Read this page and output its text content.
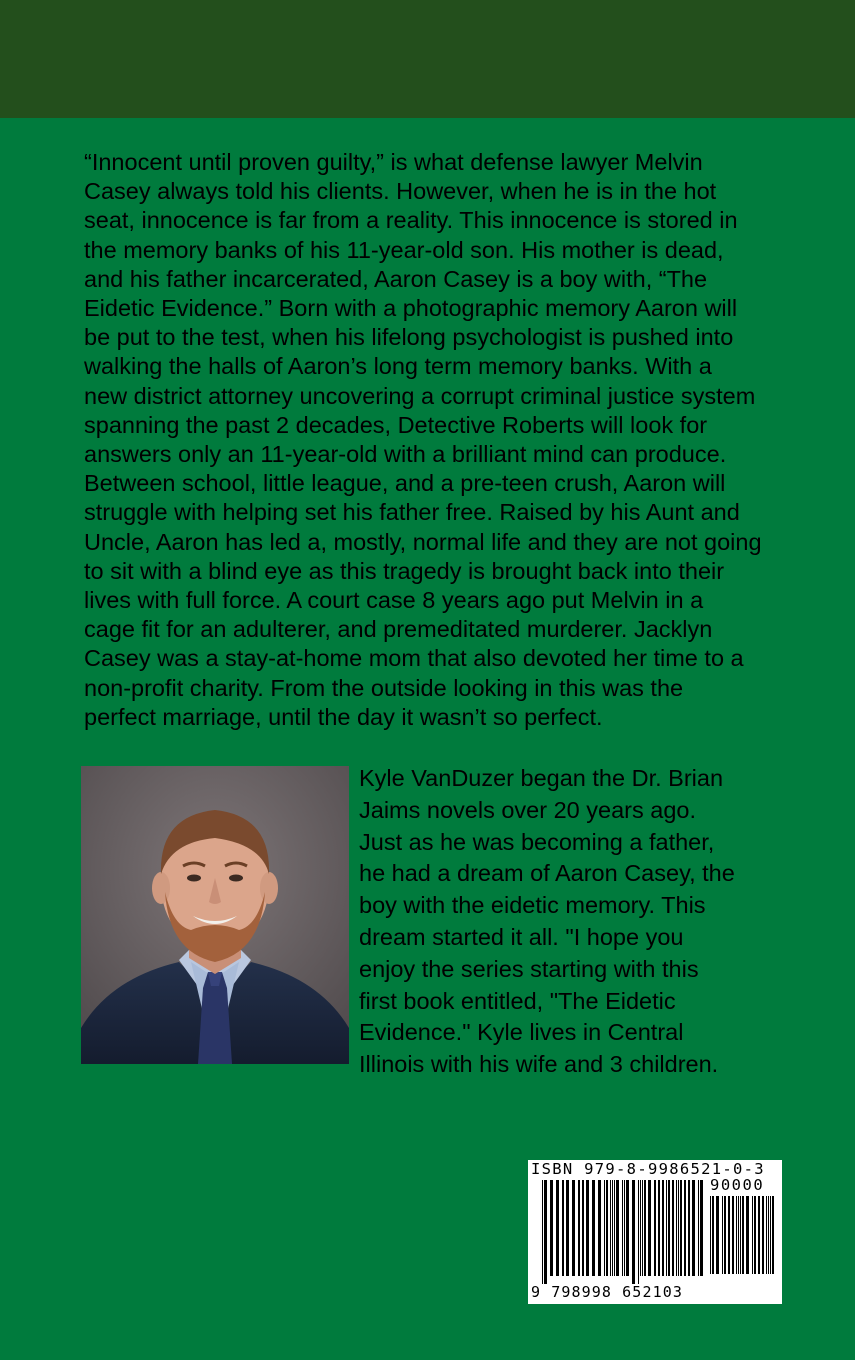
“Innocent until proven guilty,” is what defense lawyer Melvin
Casey always told his clients. However, when he is in the hot
seat, innocence is far from a reality. This innocence is stored in
the memory banks of his 11-year-old son. His mother is dead,
and his father incarcerated, Aaron Casey is a boy with, “The
Eidetic Evidence.” Born with a photographic memory Aaron will
be put to the test, when his lifelong psychologist is pushed into
walking the halls of Aaron’s long term memory banks. With a
new district attorney uncovering a corrupt criminal justice system
spanning the past 2 decades, Detective Roberts will look for
answers only an 11-year-old with a brilliant mind can produce.
Between school, little league, and a pre-teen crush, Aaron will
struggle with helping set his father free. Raised by his Aunt and
Uncle, Aaron has led a, mostly, normal life and they are not going
to sit with a blind eye as this tragedy is brought back into their
lives with full force. A court case 8 years ago put Melvin in a
cage fit for an adulterer, and premeditated murderer. Jacklyn
Casey was a stay-at-home mom that also devoted her time to a
non-profit charity. From the outside looking in this was the
perfect marriage, until the day it wasn’t so perfect.
Kyle VanDuzer began the Dr. Brian
Jaims novels over 20 years ago.
Just as he was becoming a father,
he had a dream of Aaron Casey, the
boy with the eidetic memory. This
dream started it all. "I hope you
enjoy the series starting with this
first book entitled, "The Eidetic
Evidence." Kyle lives in Central
Illinois with his wife and 3 children.
ISBN 979-8-9986521-0-3
90000
9 798998 652103
